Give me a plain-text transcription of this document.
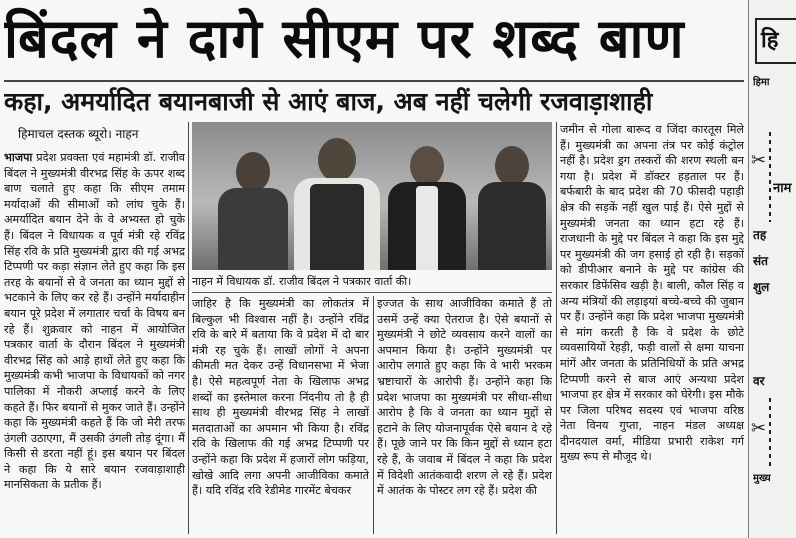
बिंदल ने दागे सीएम पर शब्द बाण
कहा, अमर्यादित बयानबाजी से आएं बाज, अब नहीं चलेगी रजवाड़ाशाही
हिमाचल दस्तक ब्यूरो। नाहन

भाजपा प्रदेश प्रवक्ता एवं महामंत्री डॉ. राजीव बिंदल ने मुख्यमंत्री वीरभद्र सिंह के ऊपर शब्द बाण चलाते हुए कहा कि सीएम तमाम मर्यादाओं की सीमाओं को लांघ चुके हैं। अमर्यादित बयान देने के वे अभ्यस्त हो चुके हैं। बिंदल ने विधायक व पूर्व मंत्री रहे रविंद्र सिंह रवि के प्रति मुख्यमंत्री द्वारा की गई अभद्र टिप्पणी पर कड़ा संज्ञान लेते हुए कहा कि इस तरह के बयानों से वे जनता का ध्यान मुद्दों से भटकाने के लिए कर रहे हैं। उन्होंने मर्यादाहीन बयान पूरे प्रदेश में लगातार चर्चा के विषय बन रहे हैं। शुक्रवार को नाहन में आयोजित पत्रकार वार्ता के दौरान बिंदल ने मुख्यमंत्री वीरभद्र सिंह को आड़े हाथों लेते हुए कहा कि मुख्यमंत्री कभी भाजपा के विधायकों को नगर पालिका में नौकरी अप्लाई करने के लिए कहते हैं। फिर बयानों से मुकर जाते हैं। उन्होंने कहा कि मुख्यमंत्री कहते हैं कि जो मेरी तरफ उंगली उठाएगा, मैं उसकी उंगली तोड़ दूंगा। मैं किसी से डरता नहीं हूं। इस बयान पर बिंदल ने कहा कि ये सारे बयान रजवाड़ाशाही मानसिकता के प्रतीक हैं।

नाहन में विधायक डॉ. राजीव बिंदल ने पत्रकार वार्ता की।

जाहिर है कि मुख्यमंत्री का लोकतंत्र में बिल्कुल भी विश्वास नहीं है। उन्होंने रविंद्र रवि के बारे में बताया कि वे प्रदेश में दो बार मंत्री रह चुके हैं। लाखों लोगों ने अपना कीमती मत देकर उन्हें विधानसभा में भेजा है। ऐसे महत्वपूर्ण नेता के खिलाफ अभद्र शब्दों का इस्तेमाल करना निंदनीय तो है ही साथ ही मुख्यमंत्री वीरभद्र सिंह ने लाखों मतदाताओं का अपमान भी किया है। रविंद्र रवि के खिलाफ की गई अभद्र टिप्पणी पर उन्होंने कहा कि प्रदेश में हजारों लोग फड़िया, खोखे आदि लगा अपनी आजीविका कमाते हैं। यदि रविंद्र रवि रेडीमेड गारमेंट बेचकर

इज्जत के साथ आजीविका कमाते हैं तो उसमें उन्हें क्या ऐतराज है। ऐसे बयानों से मुख्यमंत्री ने छोटे व्यवसाय करने वालों का अपमान किया है। उन्होंने मुख्यमंत्री पर आरोप लगाते हुए कहा कि वे भारी भरकम भ्रष्टाचारों के आरोपी हैं। उन्होंने कहा कि प्रदेश भाजपा का मुख्यमंत्री पर सीधा-सीधा आरोप है कि वे जनता का ध्यान मुद्दों से हटाने के लिए योजनापूर्वक ऐसे बयान दे रहे हैं। पूछे जाने पर कि किन मुद्दों से ध्यान हटा रहे हैं, के जवाब में बिंदल ने कहा कि प्रदेश में विदेशी आतंकवादी शरण ले रहे हैं। प्रदेश में आतंक के पोस्टर लग रहे हैं। प्रदेश की

जमीन से गोला बारूद व जिंदा कारतूस मिले हैं। मुख्यमंत्री का अपना तंत्र पर कोई कंट्रोल नहीं है। प्रदेश ड्रग तस्करों की शरण स्थली बन गया है। प्रदेश में डॉक्टर हड़ताल पर हैं। बर्फबारी के बाद प्रदेश की 70 फीसदी पहाड़ी क्षेत्र की सड़कें नहीं खुल पाई हैं। ऐसे मुद्दों से मुख्यमंत्री जनता का ध्यान हटा रहे हैं। राजधानी के मुद्दे पर बिंदल ने कहा कि इस मुद्दे पर मुख्यमंत्री की जग हसाई हो रही है। सड़कों को डीपीआर बनाने के मुद्दे पर कांग्रेस की सरकार डिफेंसिव खड़ी है। बाली, कौल सिंह व अन्य मंत्रियों की लड़ाइयां बच्चे-बच्चे की जुबान पर हैं। उन्होंने कहा कि प्रदेश भाजपा मुख्यमंत्री से मांग करती है कि वे प्रदेश के छोटे व्यवसायियों रेहड़ी, फड़ी वालों से क्षमा याचना मांगें और जनता के प्रतिनिधियों के प्रति अभद्र टिप्पणी करने से बाज आएं अन्यथा प्रदेश भाजपा हर क्षेत्र में सरकार को घेरेगी। इस मौके पर जिला परिषद सदस्य एवं भाजपा वरिष्ठ नेता विनय गुप्ता, नाहन मंडल अध्यक्ष दीनदयाल वर्मा, मीडिया प्रभारी राकेश गर्ग मुख्य रूप से मौजूद थे।

हि
हिमा
✂
नाम
तह
संत
शुल
वर
✂
मुख्य
